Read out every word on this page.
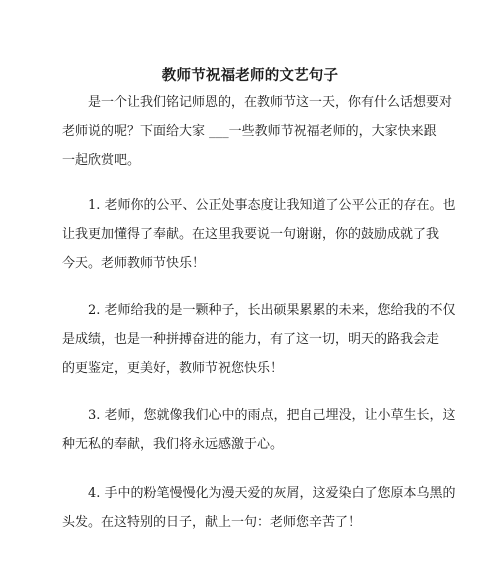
教师节祝福老师的文艺句子

是一个让我们铭记师恩的，在教师节这一天，你有什么话想要对
老师说的呢？下面给大家 ___一些教师节祝福老师的，大家快来跟
一起欣赏吧。

1. 老师你的公平、公正处事态度让我知道了公平公正的存在。也
让我更加懂得了奉献。在这里我要说一句谢谢，你的鼓励成就了我
今天。老师教师节快乐！

2. 老师给我的是一颗种子，长出硕果累累的未来，您给我的不仅
是成绩，也是一种拼搏奋进的能力，有了这一切，明天的路我会走
的更鉴定，更美好，教师节祝您快乐！

3. 老师，您就像我们心中的雨点，把自己埋没，让小草生长，这
种无私的奉献，我们将永远感激于心。

4. 手中的粉笔慢慢化为漫天爱的灰屑，这爱染白了您原本乌黑的
头发。在这特别的日子，献上一句：老师您辛苦了！
